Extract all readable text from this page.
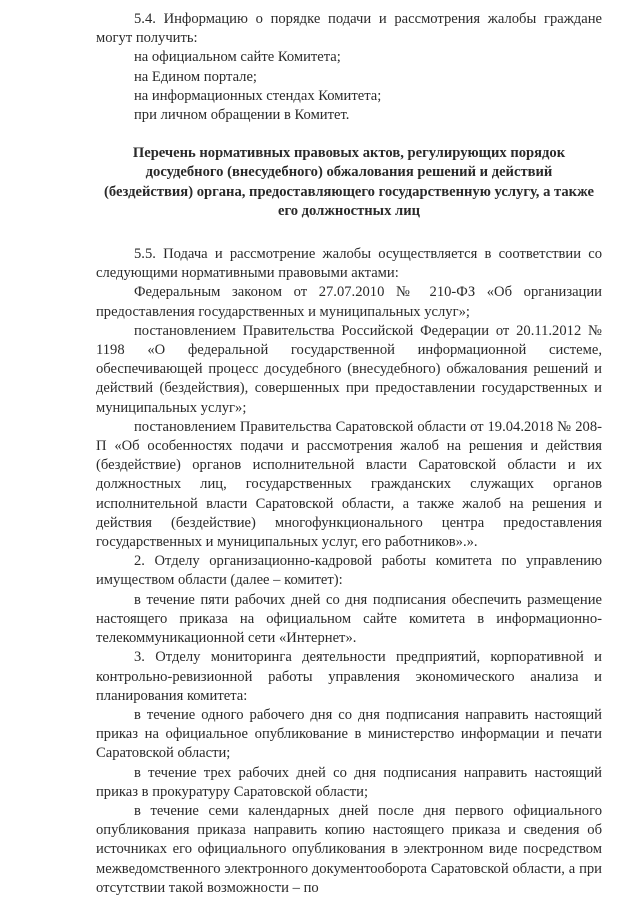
5.4. Информацию о порядке подачи и рассмотрения жалобы граждане могут получить:

на официальном сайте Комитета;

на Едином портале;

на информационных стендах Комитета;

при личном обращении в Комитет.

Перечень нормативных правовых актов, регулирующих порядок досудебного (внесудебного) обжалования решений и действий (бездействия) органа, предоставляющего государственную услугу, а также его должностных лиц

5.5. Подача и рассмотрение жалобы осуществляется в соответствии со следующими нормативными правовыми актами:

Федеральным законом от 27.07.2010 № 210-ФЗ «Об организации предоставления государственных и муниципальных услуг»;

постановлением Правительства Российской Федерации от 20.11.2012 № 1198 «О федеральной государственной информационной системе, обеспечивающей процесс досудебного (внесудебного) обжалования решений и действий (бездействия), совершенных при предоставлении государственных и муниципальных услуг»;

постановлением Правительства Саратовской области от 19.04.2018 № 208-П «Об особенностях подачи и рассмотрения жалоб на решения и действия (бездействие) органов исполнительной власти Саратовской области и их должностных лиц, государственных гражданских служащих органов исполнительной власти Саратовской области, а также жалоб на решения и действия (бездействие) многофункционального центра предоставления государственных и муниципальных услуг, его работников».».

2. Отделу организационно-кадровой работы комитета по управлению имуществом области (далее – комитет):

в течение пяти рабочих дней со дня подписания обеспечить размещение настоящего приказа на официальном сайте комитета в информационно-телекоммуникационной сети «Интернет».

3. Отделу мониторинга деятельности предприятий, корпоративной и контрольно-ревизионной работы управления экономического анализа и планирования комитета:

в течение одного рабочего дня со дня подписания направить настоящий приказ на официальное опубликование в министерство информации и печати Саратовской области;

в течение трех рабочих дней со дня подписания направить настоящий приказ в прокуратуру Саратовской области;

в течение семи календарных дней после дня первого официального опубликования приказа направить копию настоящего приказа и сведения об источниках его официального опубликования в электронном виде посредством межведомственного электронного документооборота Саратовской области, а при отсутствии такой возможности – по
